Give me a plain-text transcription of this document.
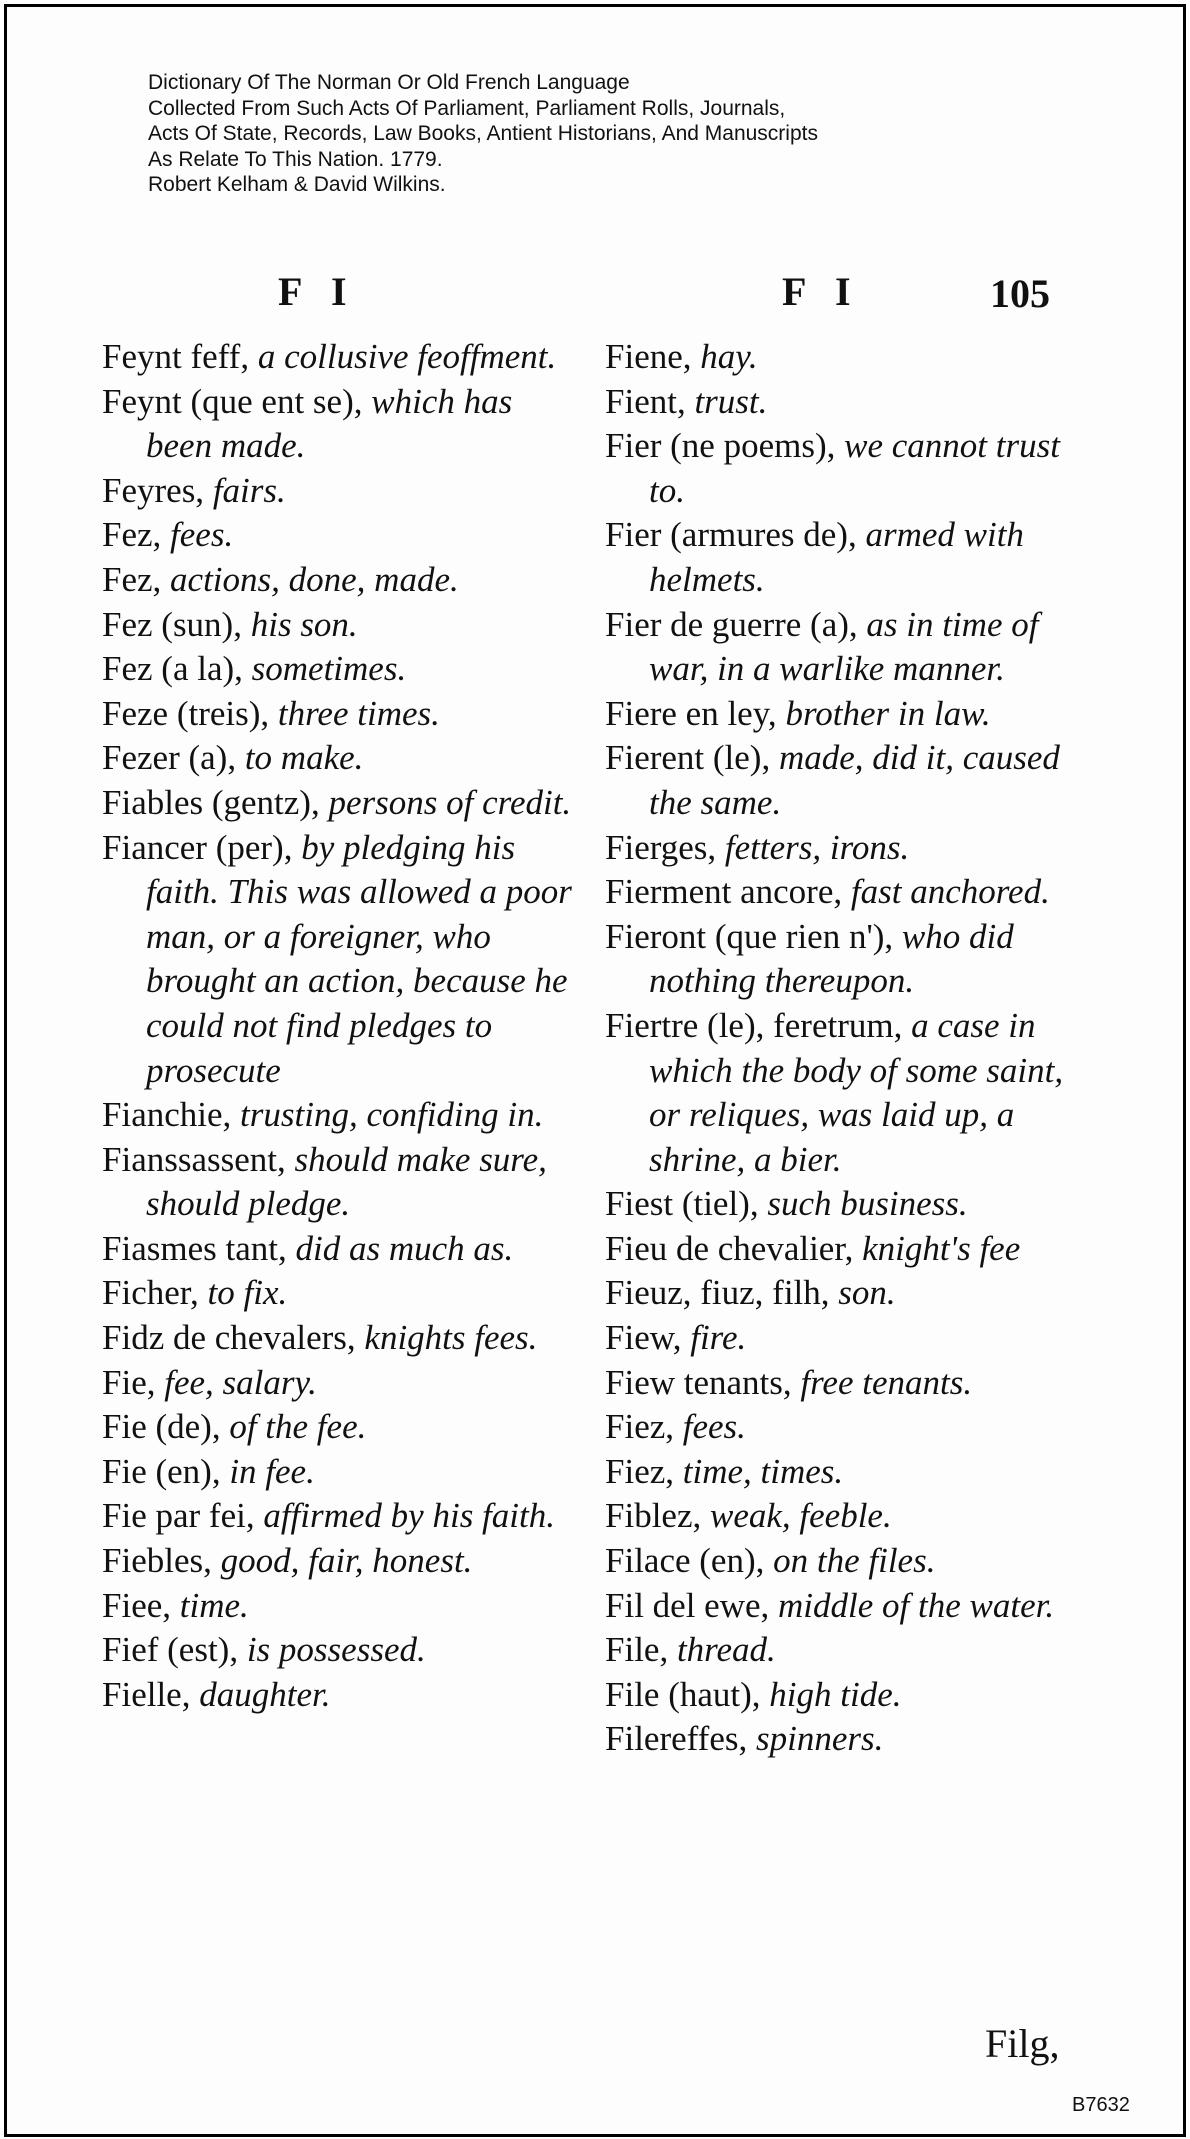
Dictionary Of The Norman Or Old French Language
Collected From Such Acts Of Parliament, Parliament Rolls, Journals,
Acts Of State, Records, Law Books, Antient Historians, And Manuscripts
As Relate To This Nation. 1779.
Robert Kelham & David Wilkins.
F I	F I	105
Feynt feff, a collusive feoffment.
Feynt (que ent se), which has been made.
Feyres, fairs.
Fez, fees.
Fez, actions, done, made.
Fez (sun), his son.
Fez (a la), sometimes.
Feze (treis), three times.
Fezer (a), to make.
Fiables (gentz), persons of credit.
Fiancer (per), by pledging his faith. This was allowed a poor man, or a foreigner, who brought an action, because he could not find pledges to prosecute
Fianchie, trusting, confiding in.
Fianssassent, should make sure, should pledge.
Fiasmes tant, did as much as.
Ficher, to fix.
Fidz de chevalers, knights fees.
Fie, fee, salary.
Fie (de), of the fee.
Fie (en), in fee.
Fie par fei, affirmed by his faith.
Fiebles, good, fair, honest.
Fiee, time.
Fief (est), is possessed.
Fielle, daughter.
Fiene, hay.
Fient, trust.
Fier (ne poems), we cannot trust to.
Fier (armures de), armed with helmets.
Fier de guerre (a), as in time of war, in a warlike manner.
Fiere en ley, brother in law.
Fierent (le), made, did it, caused the same.
Fierges, fetters, irons.
Fierment ancore, fast anchored.
Fieront (que rien n'), who did nothing thereupon.
Fiertre (le), feretrum, a case in which the body of some saint, or reliques, was laid up, a shrine, a bier.
Fiest (tiel), such business.
Fieu de chevalier, knight's fee
Fieuz, fiuz, filh, son.
Fiew, fire.
Fiew tenants, free tenants.
Fiez, fees.
Fiez, time, times.
Fiblez, weak, feeble.
Filace (en), on the files.
Fil del ewe, middle of the water.
File, thread.
File (haut), high tide.
Filereffes, spinners.
Filg,
B7632
